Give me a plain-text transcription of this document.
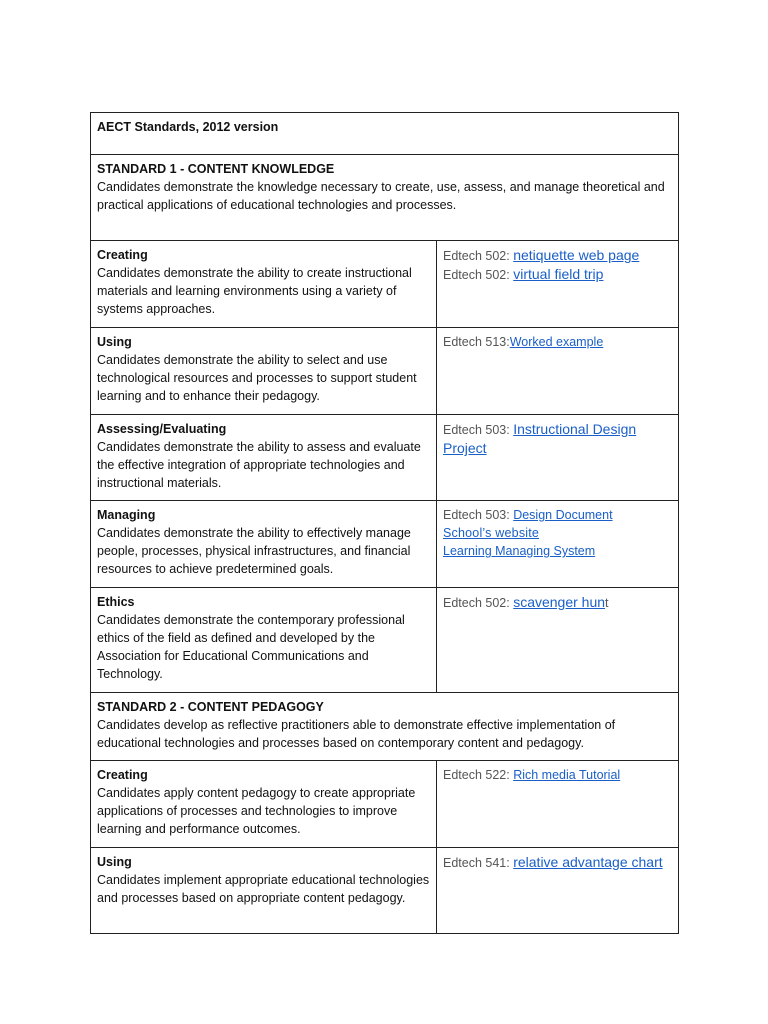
AECT Standards, 2012 version	

STANDARD 1 - CONTENT KNOWLEDGE
Candidates demonstrate the knowledge necessary to create, use, assess, and manage theoretical and practical applications of educational technologies and processes.	

Creating
Candidates demonstrate the ability to create instructional materials and learning environments using a variety of systems approaches.	Edtech 502: netiquette web page
Edtech 502: virtual field trip

Using
Candidates demonstrate the ability to select and use technological resources and processes to support student learning and to enhance their pedagogy.	Edtech 513:Worked example

Assessing/Evaluating
Candidates demonstrate the ability to assess and evaluate the effective integration of appropriate technologies and instructional materials.	Edtech 503: Instructional Design Project

Managing
Candidates demonstrate the ability to effectively manage people, processes, physical infrastructures, and financial resources to achieve predetermined goals.	Edtech 503: Design Document
School’s website
Learning Managing System

Ethics
Candidates demonstrate the contemporary professional ethics of the field as defined and developed by the Association for Educational Communications and Technology.	Edtech 502: scavenger hunt

STANDARD 2 - CONTENT PEDAGOGY
Candidates develop as reflective practitioners able to demonstrate effective implementation of educational technologies and processes based on contemporary content and pedagogy.	

Creating
Candidates apply content pedagogy to create appropriate applications of processes and technologies to improve learning and performance outcomes.	Edtech 522: Rich media Tutorial

Using
Candidates implement appropriate educational technologies and processes based on appropriate content pedagogy.	Edtech 541: relative advantage chart
